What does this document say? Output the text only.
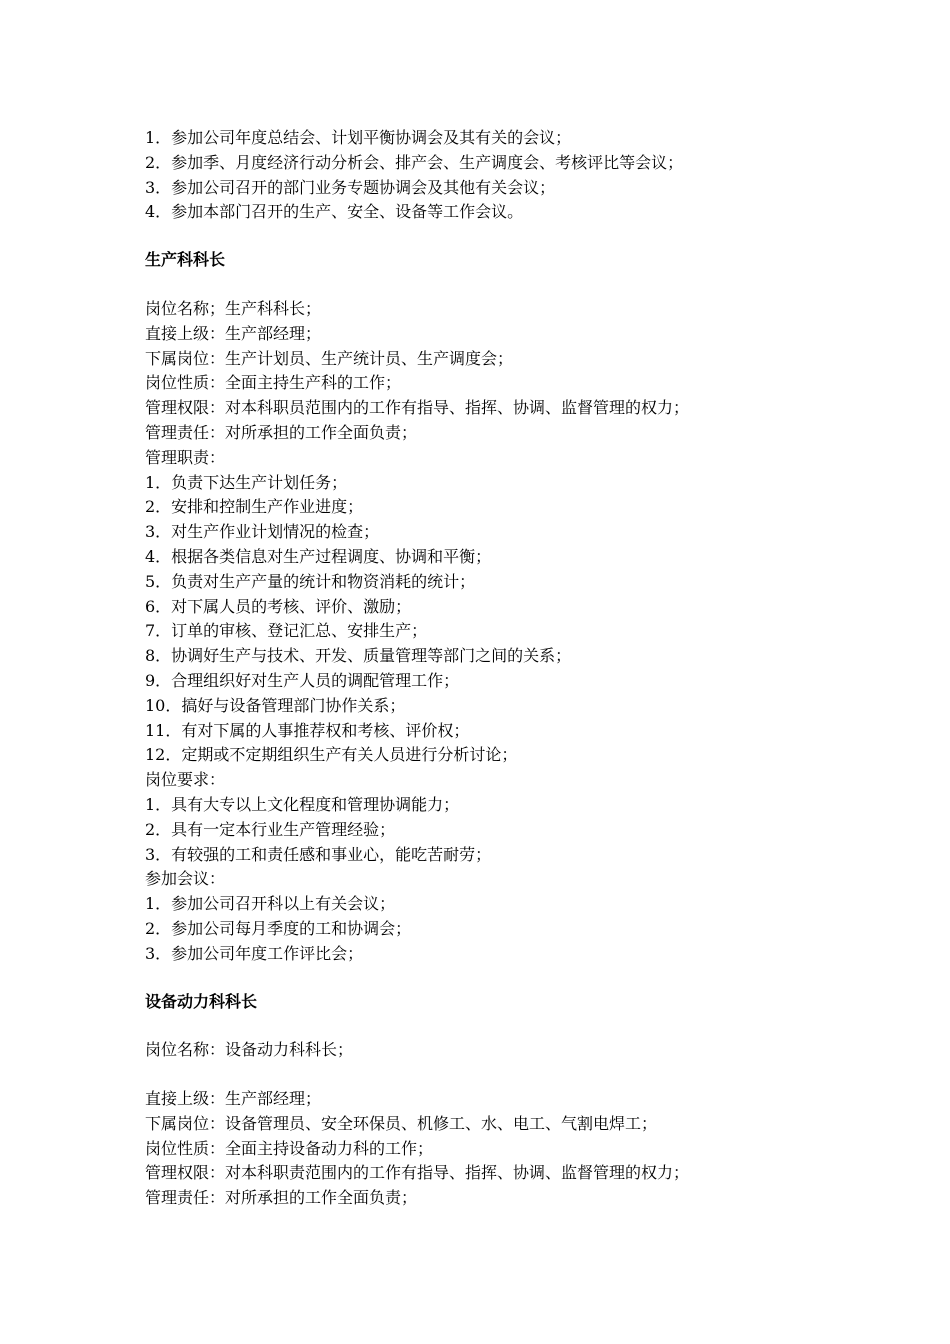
1．参加公司年度总结会、计划平衡协调会及其有关的会议；
2．参加季、月度经济行动分析会、排产会、生产调度会、考核评比等会议；
3．参加公司召开的部门业务专题协调会及其他有关会议；
4．参加本部门召开的生产、安全、设备等工作会议。
生产科科长
岗位名称；生产科科长；
直接上级：生产部经理；
下属岗位：生产计划员、生产统计员、生产调度会；
岗位性质：全面主持生产科的工作；
管理权限：对本科职员范围内的工作有指导、指挥、协调、监督管理的权力；
管理责任：对所承担的工作全面负责；
管理职责：
1．负责下达生产计划任务；
2．安排和控制生产作业进度；
3．对生产作业计划情况的检查；
4．根据各类信息对生产过程调度、协调和平衡；
5．负责对生产产量的统计和物资消耗的统计；
6．对下属人员的考核、评价、激励；
7．订单的审核、登记汇总、安排生产；
8．协调好生产与技术、开发、质量管理等部门之间的关系；
9．合理组织好对生产人员的调配管理工作；
10．搞好与设备管理部门协作关系；
11．有对下属的人事推荐权和考核、评价权；
12．定期或不定期组织生产有关人员进行分析讨论；
岗位要求：
1．具有大专以上文化程度和管理协调能力；
2．具有一定本行业生产管理经验；
3．有较强的工和责任感和事业心，能吃苦耐劳；
参加会议：
1．参加公司召开科以上有关会议；
2．参加公司每月季度的工和协调会；
3．参加公司年度工作评比会；
设备动力科科长
岗位名称：设备动力科科长；
直接上级：生产部经理；
下属岗位：设备管理员、安全环保员、机修工、水、电工、气割电焊工；
岗位性质：全面主持设备动力科的工作；
管理权限：对本科职责范围内的工作有指导、指挥、协调、监督管理的权力；
管理责任：对所承担的工作全面负责；
